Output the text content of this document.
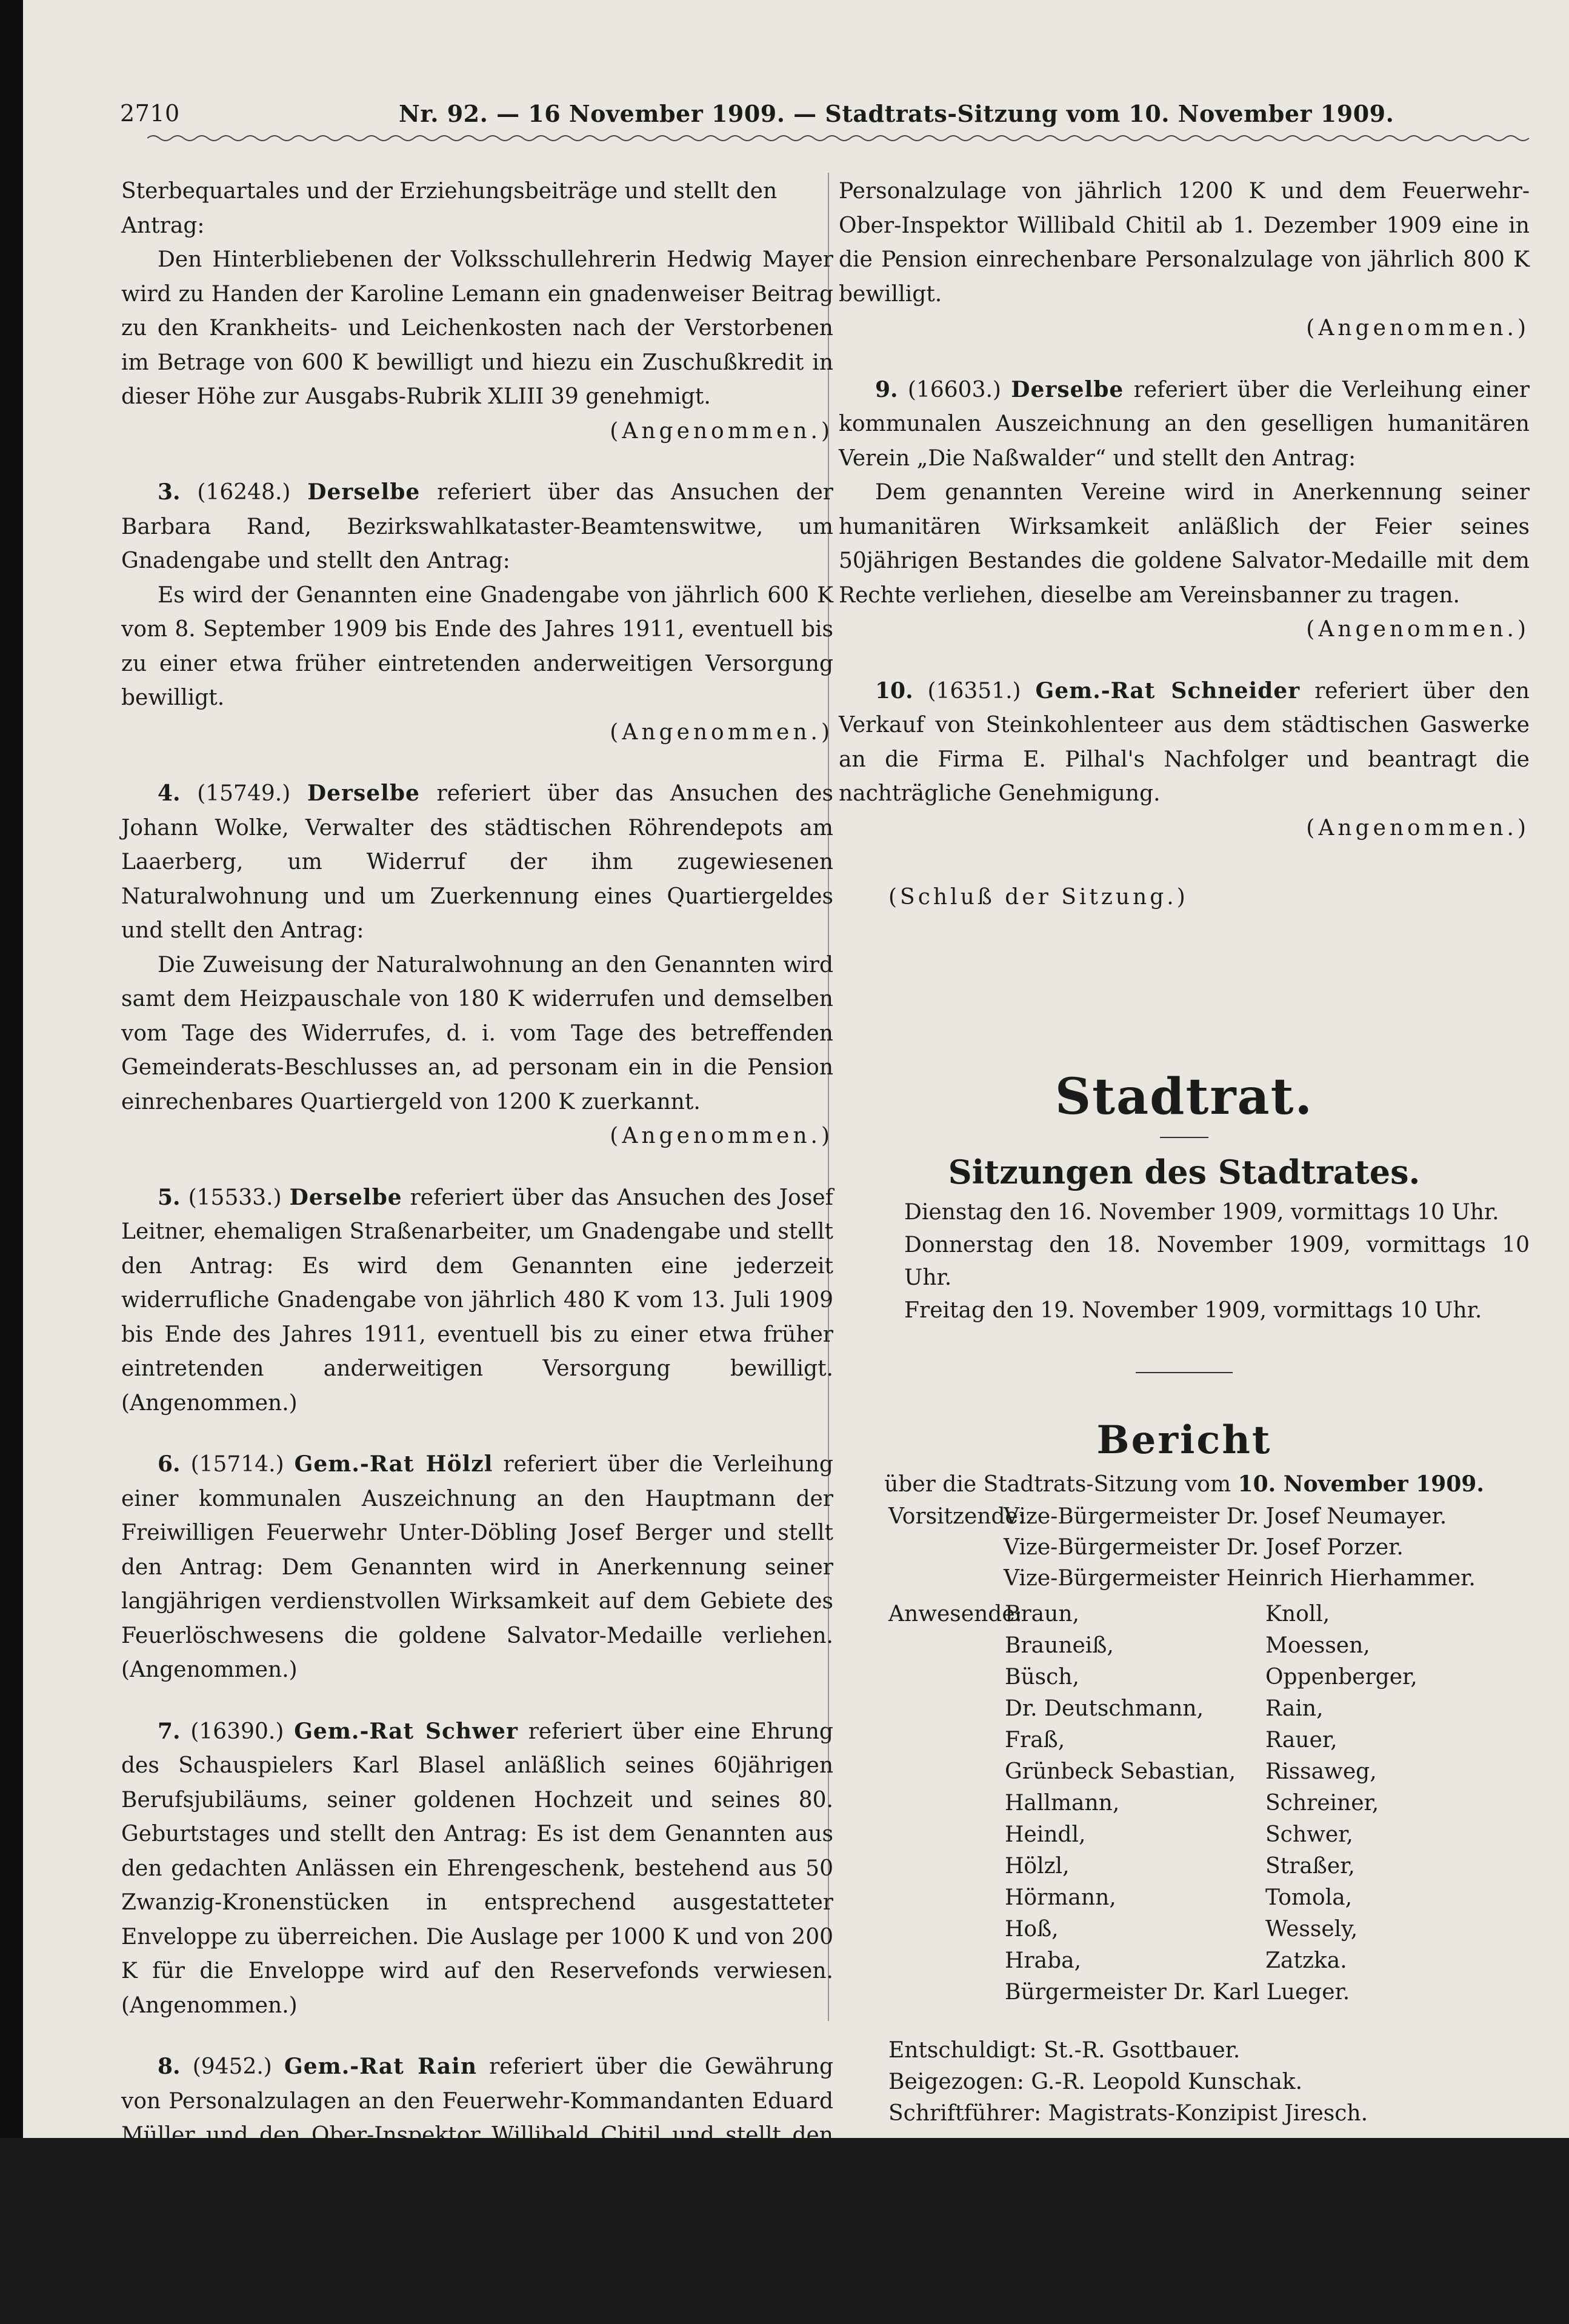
2710	Nr. 92. — 16 November 1909. — Stadtrats-Sitzung vom 10. November 1909.

Sterbequartales und der Erziehungsbeiträge und stellt den

Antrag:

Den Hinterbliebenen der Volksschullehrerin Hedwig Mayer wird zu Handen der Karoline Lemann ein gnadenweiser Beitrag zu den Krankheits- und Leichenkosten nach der Verstorbenen im Betrage von 600 K bewilligt und hiezu ein Zuschußkredit in dieser Höhe zur Ausgabs-Rubrik XLIII 39 genehmigt.

(Angenommen.)

3. (16248.) Derselbe referiert über das Ansuchen der Barbara Rand, Bezirkswahlkataster-Beamtenswitwe, um Gnadengabe und stellt den Antrag:

Es wird der Genannten eine Gnadengabe von jährlich 600 K vom 8. September 1909 bis Ende des Jahres 1911, eventuell bis zu einer etwa früher eintretenden anderweitigen Versorgung bewilligt.

(Angenommen.)

4. (15749.) Derselbe referiert über das Ansuchen des Johann Wolke, Verwalter des städtischen Röhrendepots am Laaerberg, um Widerruf der ihm zugewiesenen Naturalwohnung und um Zuerkennung eines Quartiergeldes und stellt den Antrag:

Die Zuweisung der Naturalwohnung an den Genannten wird samt dem Heizpauschale von 180 K widerrufen und demselben vom Tage des Widerrufes, d. i. vom Tage des betreffenden Gemeinderats-Beschlusses an, ad personam ein in die Pension einrechenbares Quartiergeld von 1200 K zuerkannt.

(Angenommen.)

5. (15533.) Derselbe referiert über das Ansuchen des Josef Leitner, ehemaligen Straßenarbeiter, um Gnadengabe und stellt den Antrag: Es wird dem Genannten eine jederzeit widerrufliche Gnadengabe von jährlich 480 K vom 13. Juli 1909 bis Ende des Jahres 1911, eventuell bis zu einer etwa früher eintretenden anderweitigen Versorgung bewilligt. (Angenommen.)

6. (15714.) Gem.-Rat Hölzl referiert über die Verleihung einer kommunalen Auszeichnung an den Hauptmann der Freiwilligen Feuerwehr Unter-Döbling Josef Berger und stellt den Antrag: Dem Genannten wird in Anerkennung seiner langjährigen verdienstvollen Wirksamkeit auf dem Gebiete des Feuerlöschwesens die goldene Salvator-Medaille verliehen. (Angenommen.)

7. (16390.) Gem.-Rat Schwer referiert über eine Ehrung des Schauspielers Karl Blasel anläßlich seines 60jährigen Berufsjubiläums, seiner goldenen Hochzeit und seines 80. Geburtstages und stellt den Antrag: Es ist dem Genannten aus den gedachten Anlässen ein Ehrengeschenk, bestehend aus 50 Zwanzig-Kronenstücken in entsprechend ausgestatteter Enveloppe zu überreichen. Die Auslage per 1000 K und von 200 K für die Enveloppe wird auf den Reservefonds verwiesen. (Angenommen.)

8. (9452.) Gem.-Rat Rain referiert über die Gewährung von Personalzulagen an den Feuerwehr-Kommandanten Eduard Müller und den Ober-Inspektor Willibald Chitil und stellt den Antrag:

Dem Feuerwehr-Kommandanten Eduard Müller wird anläßlich des 150jährigen Bestandes der städtischen Feuerwehr ab 1. Dezember 1909 eine in die Pension einrechenbare

Personalzulage von jährlich 1200 K und dem Feuerwehr-Ober-Inspektor Willibald Chitil ab 1. Dezember 1909 eine in die Pension einrechenbare Personalzulage von jährlich 800 K bewilligt.

(Angenommen.)

9. (16603.) Derselbe referiert über die Verleihung einer kommunalen Auszeichnung an den geselligen humanitären Verein „Die Naßwalder“ und stellt den Antrag:

Dem genannten Vereine wird in Anerkennung seiner humanitären Wirksamkeit anläßlich der Feier seines 50jährigen Bestandes die goldene Salvator-Medaille mit dem Rechte verliehen, dieselbe am Vereinsbanner zu tragen.

(Angenommen.)

10. (16351.) Gem.-Rat Schneider referiert über den Verkauf von Steinkohlenteer aus dem städtischen Gaswerke an die Firma E. Pilhal's Nachfolger und beantragt die nachträgliche Genehmigung.

(Angenommen.)

(Schluß der Sitzung.)

Stadtrat.
Sitzungen des Stadtrates.

Dienstag den 16. November 1909, vormittags 10 Uhr.

Donnerstag den 18. November 1909, vormittags 10 Uhr.

Freitag den 19. November 1909, vormittags 10 Uhr.

Bericht

über die Stadtrats-Sitzung vom 10. November 1909.

Vorsitzende:
Vize-Bürgermeister Dr. Josef Neumayer.
Vize-Bürgermeister Dr. Josef Porzer.
Vize-Bürgermeister Heinrich Hierhammer.
Anwesende:
Braun,
Brauneiß,
Büsch,
Dr. Deutschmann,
Fraß,
Grünbeck Sebastian,
Hallmann,
Heindl,
Hölzl,
Hörmann,
Hoß,
Hraba,
Knoll,
Moessen,
Oppenberger,
Rain,
Rauer,
Rissaweg,
Schreiner,
Schwer,
Straßer,
Tomola,
Wessely,
Zatzka.

Bürgermeister Dr. Karl Lueger.

Entschuldigt: St.-R. Gsottbauer.

Beigezogen: G.-R. Leopold Kunschak.

Schriftführer: Magistrats-Konzipist Jiresch.
